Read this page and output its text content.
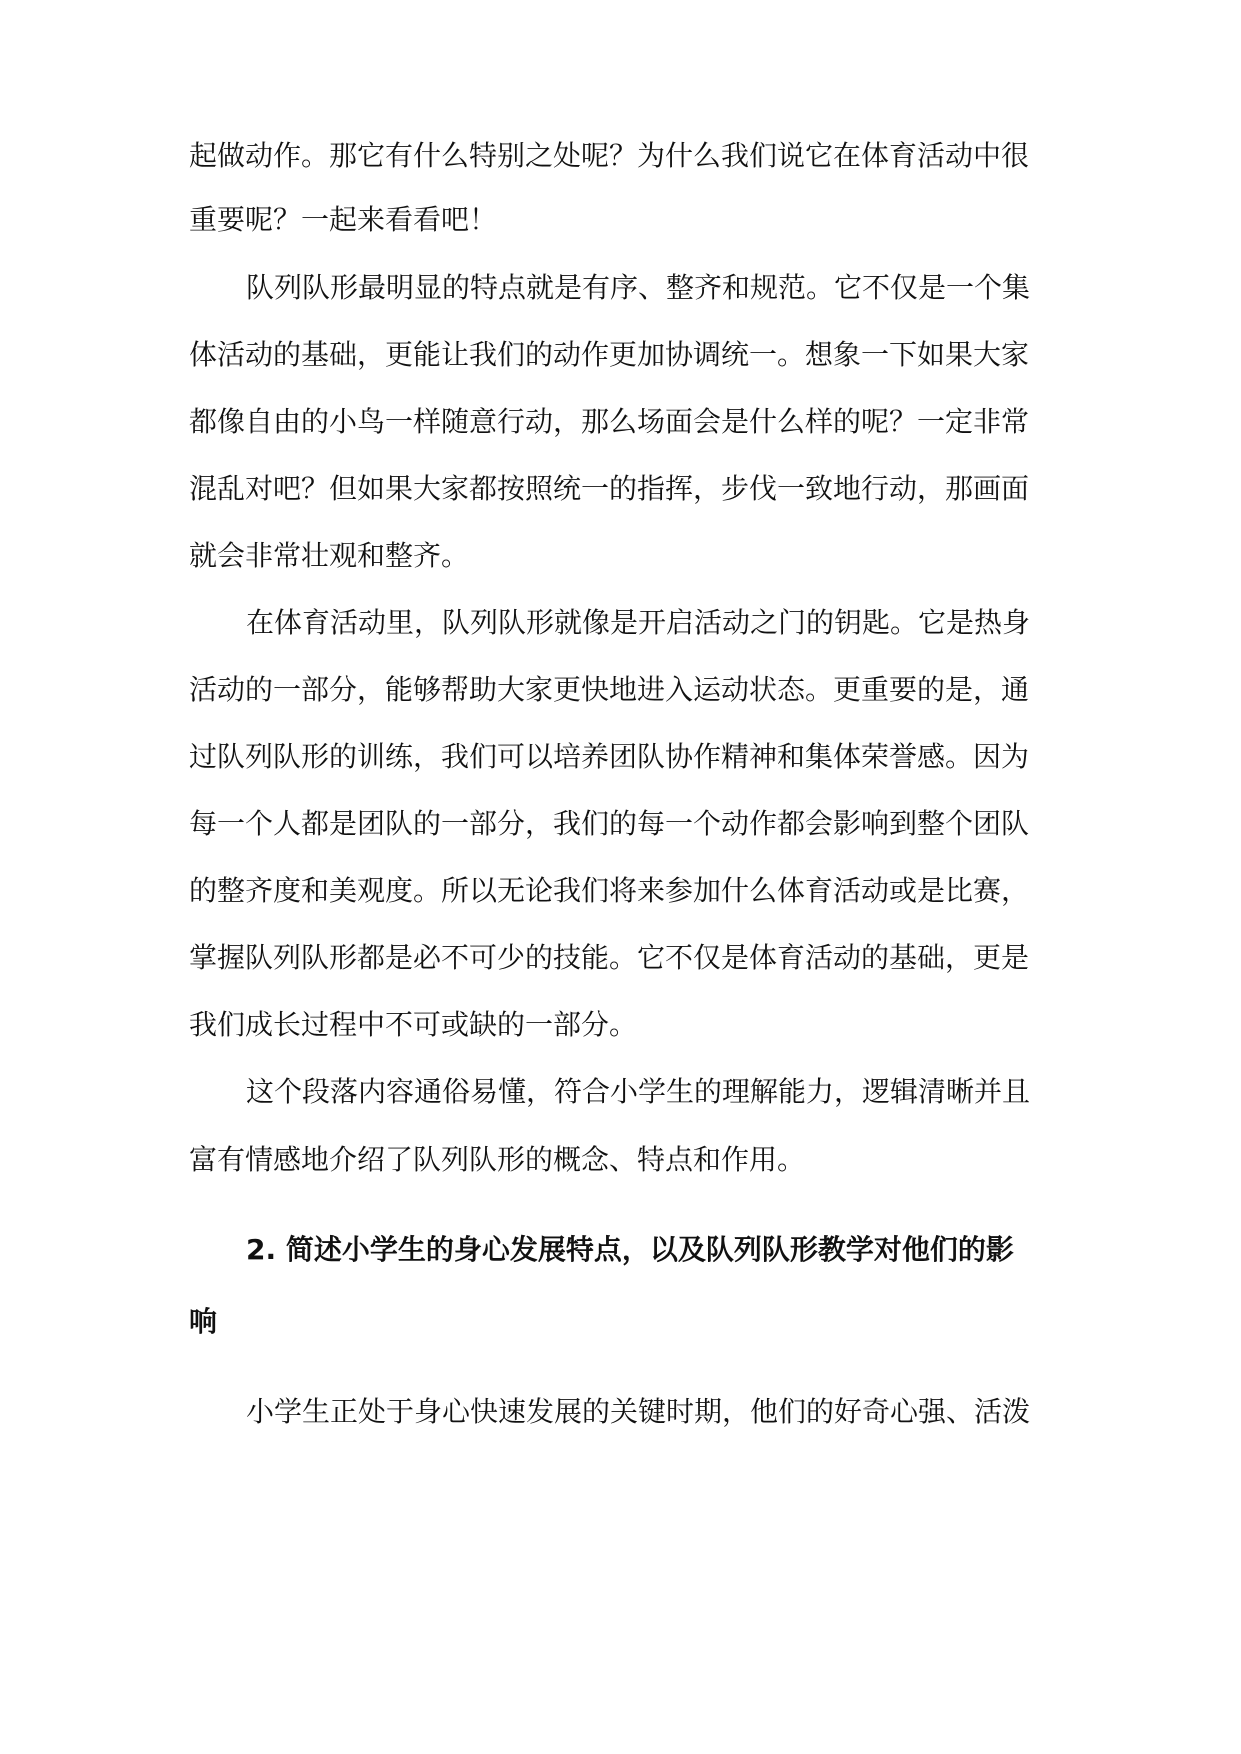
起做动作。那它有什么特别之处呢？为什么我们说它在体育活动中很
重要呢？一起来看看吧！
队列队形最明显的特点就是有序、整齐和规范。它不仅是一个集
体活动的基础，更能让我们的动作更加协调统一。想象一下如果大家
都像自由的小鸟一样随意行动，那么场面会是什么样的呢？一定非常
混乱对吧？但如果大家都按照统一的指挥，步伐一致地行动，那画面
就会非常壮观和整齐。
在体育活动里，队列队形就像是开启活动之门的钥匙。它是热身
活动的一部分，能够帮助大家更快地进入运动状态。更重要的是，通
过队列队形的训练，我们可以培养团队协作精神和集体荣誉感。因为
每一个人都是团队的一部分，我们的每一个动作都会影响到整个团队
的整齐度和美观度。所以无论我们将来参加什么体育活动或是比赛，
掌握队列队形都是必不可少的技能。它不仅是体育活动的基础，更是
我们成长过程中不可或缺的一部分。
这个段落内容通俗易懂，符合小学生的理解能力，逻辑清晰并且
富有情感地介绍了队列队形的概念、特点和作用。
2. 简述小学生的身心发展特点，以及队列队形教学对他们的影
响
小学生正处于身心快速发展的关键时期，他们的好奇心强、活泼
